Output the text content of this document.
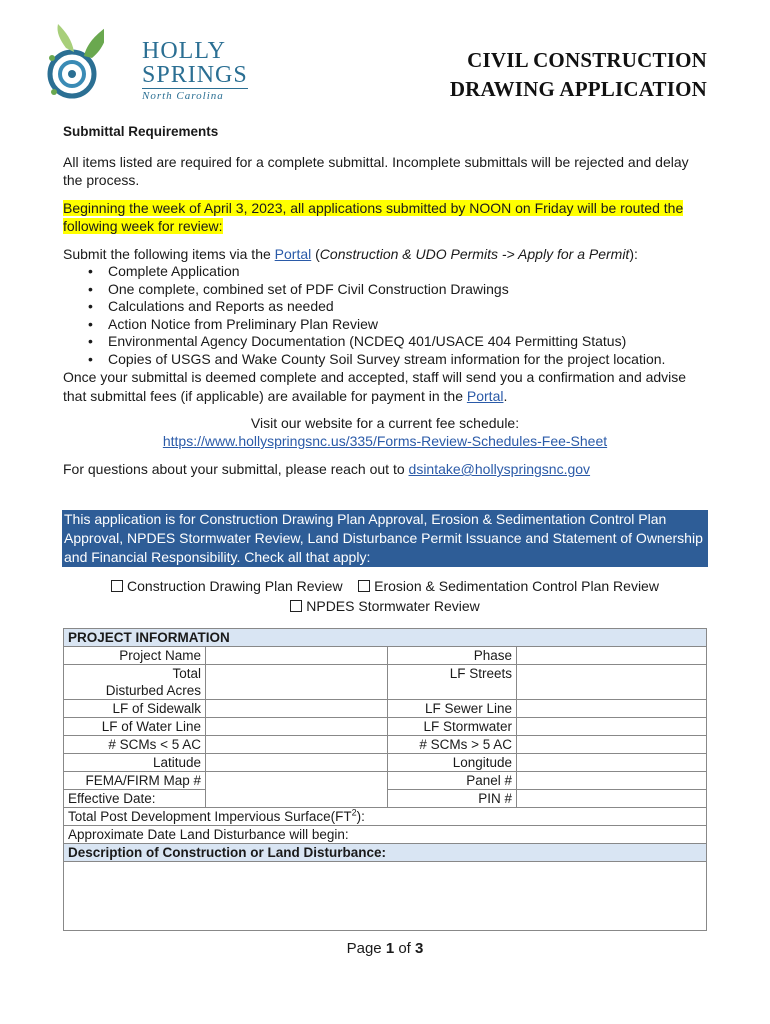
HOLLY
SPRINGS
North Carolina
CIVIL CONSTRUCTION
DRAWING APPLICATION
Submittal Requirements
All items listed are required for a complete submittal. Incomplete submittals will be rejected and delay the process.
Beginning the week of April 3, 2023, all applications submitted by NOON on Friday will be routed the following week for review:
Submit the following items via the Portal (Construction & UDO Permits -> Apply for a Permit):
• Complete Application
• One complete, combined set of PDF Civil Construction Drawings
• Calculations and Reports as needed
• Action Notice from Preliminary Plan Review
• Environmental Agency Documentation (NCDEQ 401/USACE 404 Permitting Status)
• Copies of USGS and Wake County Soil Survey stream information for the project location.
Once your submittal is deemed complete and accepted, staff will send you a confirmation and advise that submittal fees (if applicable) are available for payment in the Portal.
Visit our website for a current fee schedule:
https://www.hollyspringsnc.us/335/Forms-Review-Schedules-Fee-Sheet
For questions about your submittal, please reach out to dsintake@hollyspringsnc.gov
This application is for Construction Drawing Plan Approval, Erosion & Sedimentation Control Plan Approval, NPDES Stormwater Review, Land Disturbance Permit Issuance and Statement of Ownership and Financial Responsibility. Check all that apply:
Construction Drawing Plan Review Erosion & Sedimentation Control Plan Review
NPDES Stormwater Review
PROJECT INFORMATION			
Project Name		Phase	
Total		LF Streets	
Disturbed Acres			
LF of Sidewalk		LF Sewer Line	
LF of Water Line		LF Stormwater	
# SCMs < 5 AC		# SCMs > 5 AC	
Latitude		Longitude	
FEMA/FIRM Map #		Panel #	
Effective Date:		PIN #	
Total Post Development Impervious $Surface(FT^2)$:			
Approximate Date Land Disturbance will begin:			
Description of Construction or Land Disturbance:			

Page 1 of 3
